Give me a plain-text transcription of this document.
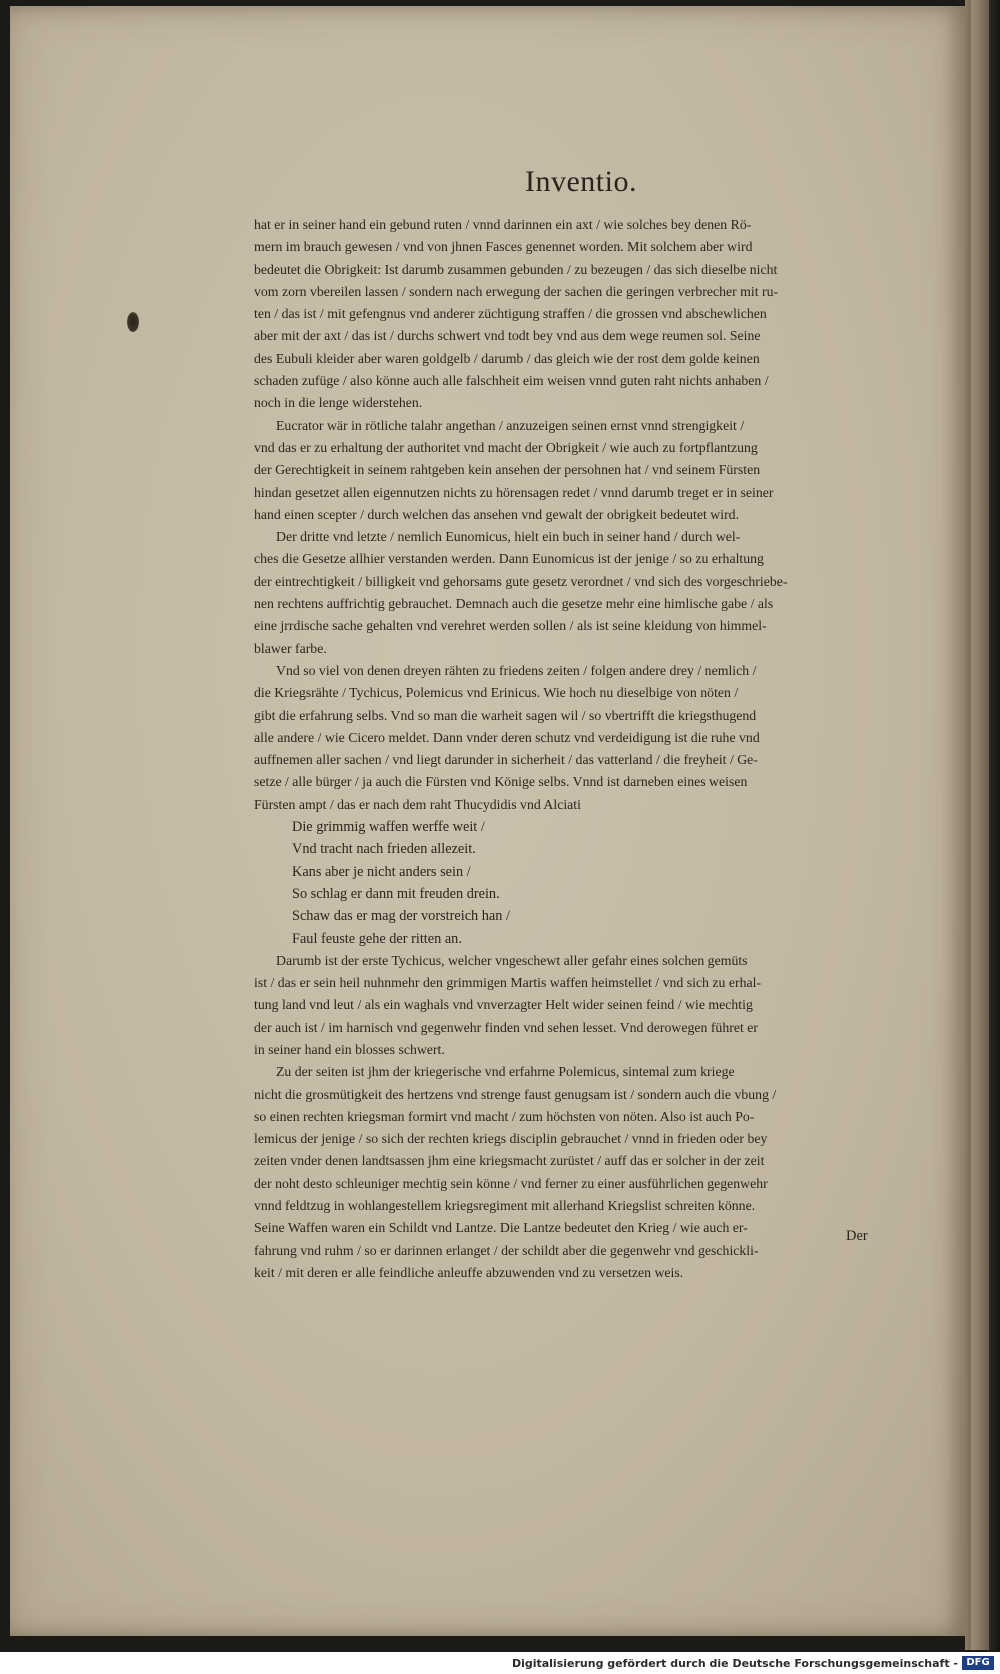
Inventio.
hat er in seiner hand ein gebund ruten / vnnd darinnen ein axt / wie solches bey denen Rö-
mern im brauch gewesen / vnd von jhnen Fasces genennet worden. Mit solchem aber wird
bedeutet die Obrigkeit: Ist darumb zusammen gebunden / zu bezeugen / das sich dieselbe nicht
vom zorn vbereilen lassen / sondern nach erwegung der sachen die geringen verbrecher mit ru-
ten / das ist / mit gefengnus vnd anderer züchtigung straffen / die grossen vnd abschewlichen
aber mit der axt / das ist / durchs schwert vnd todt bey vnd aus dem wege reumen sol. Seine
des Eubuli kleider aber waren goldgelb / darumb / das gleich wie der rost dem golde keinen
schaden zufüge / also könne auch alle falschheit eim weisen vnnd guten raht nichts anhaben /
noch in die lenge widerstehen.
Eucrator wär in rötliche talahr angethan / anzuzeigen seinen ernst vnnd strengigkeit /
vnd das er zu erhaltung der authoritet vnd macht der Obrigkeit / wie auch zu fortpflantzung
der Gerechtigkeit in seinem rahtgeben kein ansehen der persohnen hat / vnd seinem Fürsten
hindan gesetzet allen eigennutzen nichts zu hörensagen redet / vnnd darumb treget er in seiner
hand einen scepter / durch welchen das ansehen vnd gewalt der obrigkeit bedeutet wird.
Der dritte vnd letzte / nemlich Eunomicus, hielt ein buch in seiner hand / durch wel-
ches die Gesetze allhier verstanden werden. Dann Eunomicus ist der jenige / so zu erhaltung
der eintrechtigkeit / billigkeit vnd gehorsams gute gesetz verordnet / vnd sich des vorgeschriebe-
nen rechtens auffrichtig gebrauchet. Demnach auch die gesetze mehr eine himlische gabe / als
eine jrrdische sache gehalten vnd verehret werden sollen / als ist seine kleidung von himmel-
blawer farbe.
Vnd so viel von denen dreyen rähten zu friedens zeiten / folgen andere drey / nemlich /
die Kriegsrähte / Tychicus, Polemicus vnd Erinicus. Wie hoch nu dieselbige von nöten /
gibt die erfahrung selbs. Vnd so man die warheit sagen wil / so vbertrifft die kriegsthugend
alle andere / wie Cicero meldet. Dann vnder deren schutz vnd verdeidigung ist die ruhe vnd
auffnemen aller sachen / vnd liegt darunder in sicherheit / das vatterland / die freyheit / Ge-
setze / alle bürger / ja auch die Fürsten vnd Könige selbs. Vnnd ist darneben eines weisen
Fürsten ampt / das er nach dem raht Thucydidis vnd Alciati
Die grimmig waffen werffe weit /
Vnd tracht nach frieden allezeit.
Kans aber je nicht anders sein /
So schlag er dann mit freuden drein.
Schaw das er mag der vorstreich han /
Faul feuste gehe der ritten an.
Darumb ist der erste Tychicus, welcher vngeschewt aller gefahr eines solchen gemüts
ist / das er sein heil nuhnmehr den grimmigen Martis waffen heimstellet / vnd sich zu erhal-
tung land vnd leut / als ein waghals vnd vnverzagter Helt wider seinen feind / wie mechtig
der auch ist / im harnisch vnd gegenwehr finden vnd sehen lesset. Vnd derowegen führet er
in seiner hand ein blosses schwert.
Zu der seiten ist jhm der kriegerische vnd erfahrne Polemicus, sintemal zum kriege
nicht die grosmütigkeit des hertzens vnd strenge faust genugsam ist / sondern auch die vbung /
so einen rechten kriegsman formirt vnd macht / zum höchsten von nöten. Also ist auch Po-
lemicus der jenige / so sich der rechten kriegs disciplin gebrauchet / vnnd in frieden oder bey
zeiten vnder denen landtsassen jhm eine kriegsmacht zurüstet / auff das er solcher in der zeit
der noht desto schleuniger mechtig sein könne / vnd ferner zu einer ausführlichen gegenwehr
vnnd feldtzug in wohlangestellem kriegsregiment mit allerhand Kriegslist schreiten könne.
Seine Waffen waren ein Schildt vnd Lantze. Die Lantze bedeutet den Krieg / wie auch er-
fahrung vnd ruhm / so er darinnen erlanget / der schildt aber die gegenwehr vnd geschickli-
keit / mit deren er alle feindliche anleuffe abzuwenden vnd zu versetzen weis.
Der
Digitalisierung gefördert durch die Deutsche Forschungsgemeinschaft - DFG
